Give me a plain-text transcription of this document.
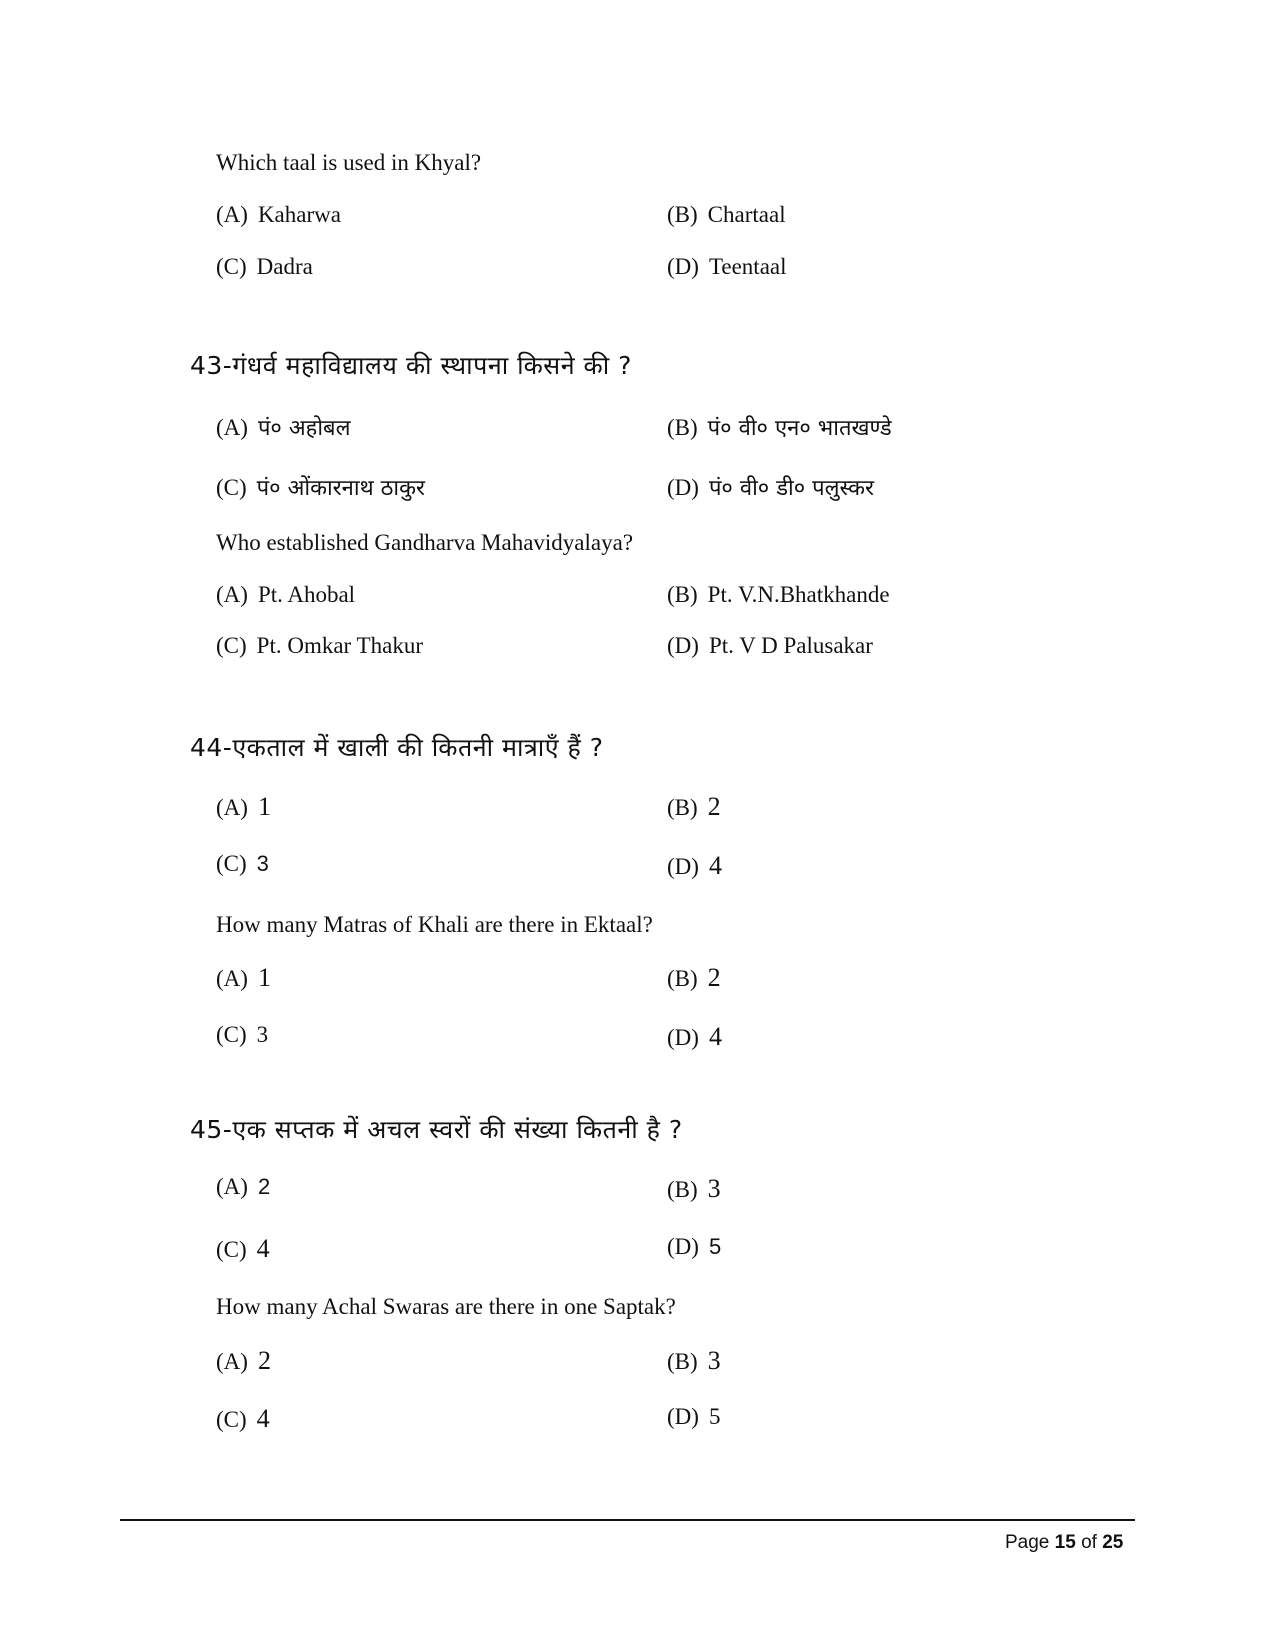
Which taal is used in Khyal?
(A) Kaharwa	(B) Chartaal
(C) Dadra	(D) Teentaal
43-गंधर्व महाविद्यालय की स्थापना किसने की ?
(A) पं० अहोबल	(B) पं० वी० एन० भातखण्डे
(C) पं० ओंकारनाथ ठाकुर	(D) पं० वी० डी० पलुस्कर
Who established Gandharva Mahavidyalaya?
(A) Pt. Ahobal	(B) Pt. V.N.Bhatkhande
(C) Pt. Omkar Thakur	(D) Pt. V D Palusakar
44-एकताल में खाली की कितनी मात्राएँ हैं ?
(A) 1	(B) 2
(C) 3	(D) 4
How many Matras of Khali are there in Ektaal?
(A) 1	(B) 2
(C) 3	(D) 4
45-एक सप्तक में अचल स्वरों की संख्या कितनी है ?
(A) 2	(B) 3
(C) 4	(D) 5
How many Achal Swaras are there in one Saptak?
(A) 2	(B) 3
(C) 4	(D) 5
Page 15 of 25
